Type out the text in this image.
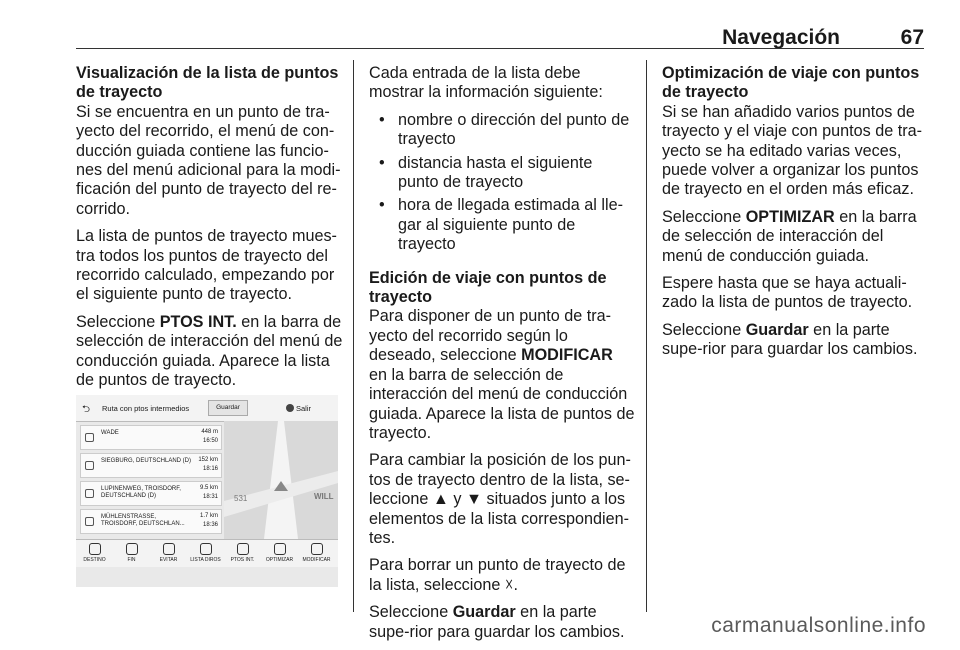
Navegación	67
Visualización de la lista de puntos de trayecto

Si se encuentra en un punto de tra-yecto del recorrido, el menú de con-ducción guiada contiene las funcio-nes del menú adicional para la modi-ficación del punto de trayecto del re-corrido.

La lista de puntos de trayecto mues-tra todos los puntos de trayecto del recorrido calculado, empezando por el siguiente punto de trayecto.

Seleccione PTOS INT. en la barra de selección de interacción del menú de conducción guiada. Aparece la lista de puntos de trayecto.

⮌ Ruta con ptos intermedios	Guardar	Salir
WADE	448 m
16:50
SIEGBURG, DEUTSCHLAND (D) 152 km
18:16
LUPINENWEG, TROISDORF, DEUTSCHLAND (D)
9.5 km
18:31
MÜHLENSTRASSE, TROISDORF, DEUTSCHLAN...
1.7 km
18:36
531	WILL
DESTINO	FIN	EVITAR	LISTA DIROS	PTOS INT.	OPTIMIZAR	MODIFICAR

Cada entrada de la lista debe mostrar la información siguiente:

• nombre o dirección del punto de trayecto
• distancia hasta el siguiente punto de trayecto
• hora de llegada estimada al lle-gar al siguiente punto de trayecto
Edición de viaje con puntos de trayecto

Para disponer de un punto de tra-yecto del recorrido según lo deseado, seleccione MODIFICAR en la barra de selección de interacción del menú de conducción guiada. Aparece la lista de puntos de trayecto.

Para cambiar la posición de los pun-tos de trayecto dentro de la lista, se-leccione ▲ y ▼ situados junto a los elementos de la lista correspondien-tes.

Para borrar un punto de trayecto de la lista, seleccione ☓.

Seleccione Guardar en la parte supe-rior para guardar los cambios.

Optimización de viaje con puntos de trayecto

Si se han añadido varios puntos de trayecto y el viaje con puntos de tra-yecto se ha editado varias veces, puede volver a organizar los puntos de trayecto en el orden más eficaz.

Seleccione OPTIMIZAR en la barra de selección de interacción del menú de conducción guiada.

Espere hasta que se haya actuali-zado la lista de puntos de trayecto.

Seleccione Guardar en la parte supe-rior para guardar los cambios.

carmanualsonline.info
